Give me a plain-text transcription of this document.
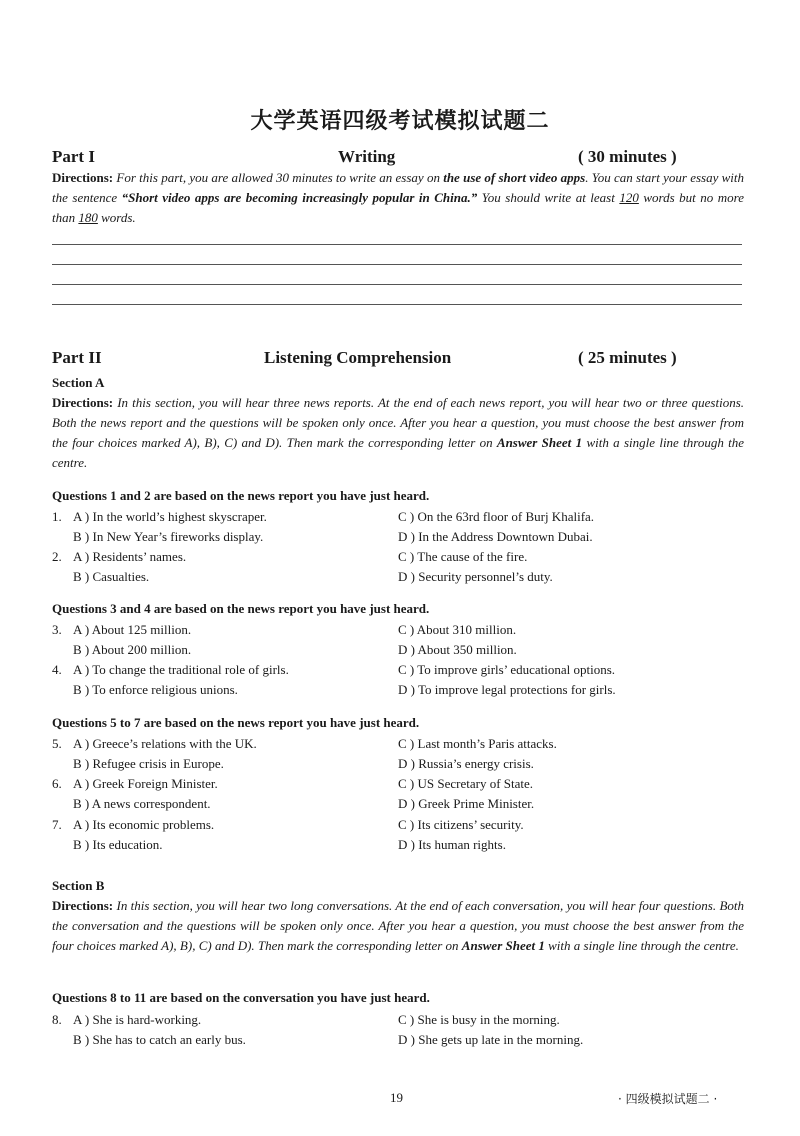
大学英语四级考试模拟试题二
Part I	Writing	( 30 minutes )
Directions: For this part, you are allowed 30 minutes to write an essay on the use of short video apps. You can start your essay with the sentence “Short video apps are becoming increasingly popular in China.” You should write at least 120 words but no more than 180 words.
Part II	Listening Comprehension	( 25 minutes )
Section A
Directions: In this section, you will hear three news reports. At the end of each news report, you will hear two or three questions. Both the news report and the questions will be spoken only once. After you hear a question, you must choose the best answer from the four choices marked A), B), C) and D). Then mark the corresponding letter on Answer Sheet 1 with a single line through the centre.
Questions 1 and 2 are based on the news report you have just heard.
1. A ) In the world’s highest skyscraper.	C ) On the 63rd floor of Burj Khalifa.
B ) In New Year’s fireworks display.	D ) In the Address Downtown Dubai.
2. A ) Residents’ names.	C ) The cause of the fire.
B ) Casualties.	D ) Security personnel’s duty.
Questions 3 and 4 are based on the news report you have just heard.
3. A ) About 125 million.	C ) About 310 million.
B ) About 200 million.	D ) About 350 million.
4. A ) To change the traditional role of girls.	C ) To improve girls’ educational options.
B ) To enforce religious unions.	D ) To improve legal protections for girls.
Questions 5 to 7 are based on the news report you have just heard.
5. A ) Greece’s relations with the UK.	C ) Last month’s Paris attacks.
B ) Refugee crisis in Europe.	D ) Russia’s energy crisis.
6. A ) Greek Foreign Minister.	C ) US Secretary of State.
B ) A news correspondent.	D ) Greek Prime Minister.
7. A ) Its economic problems.	C ) Its citizens’ security.
B ) Its education.	D ) Its human rights.
Section B
Directions: In this section, you will hear two long conversations. At the end of each conversation, you will hear four questions. Both the conversation and the questions will be spoken only once. After you hear a question, you must choose the best answer from the four choices marked A), B), C) and D). Then mark the corresponding letter on Answer Sheet 1 with a single line through the centre.
Questions 8 to 11 are based on the conversation you have just heard.
8. A ) She is hard-working.	C ) She is busy in the morning.
B ) She has to catch an early bus.	D ) She gets up late in the morning.
19	· 四级模拟试题二 ·
